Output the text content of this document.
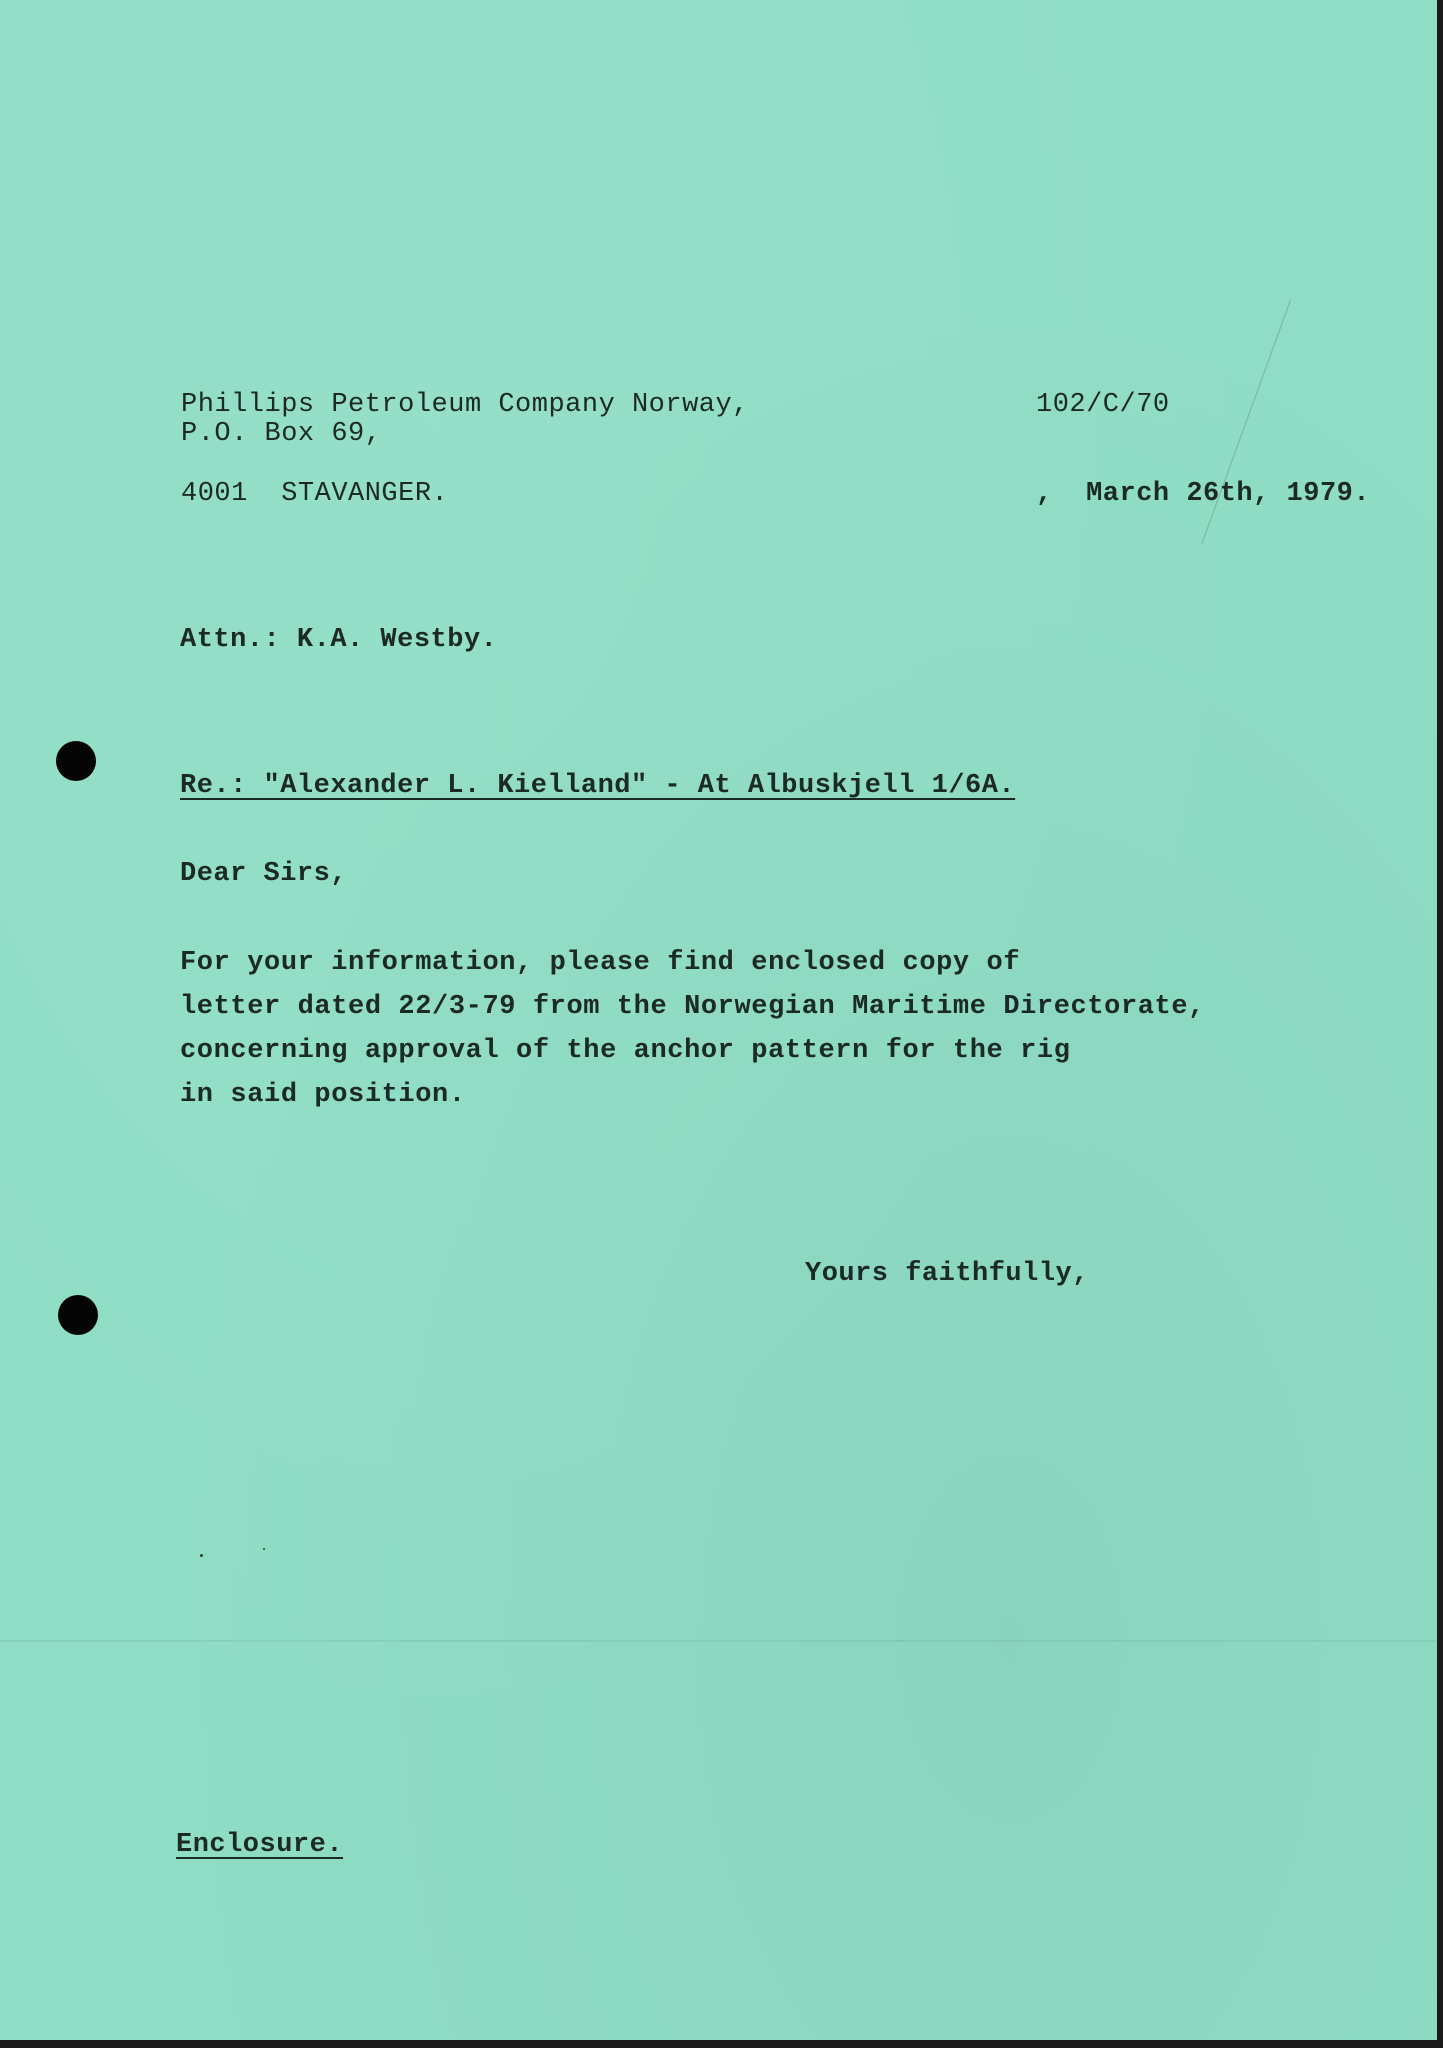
Phillips Petroleum Company Norway,
P.O. Box 69,
4001  STAVANGER.
102/C/70
,  March 26th, 1979.
Attn.: K.A. Westby.
Re.: "Alexander L. Kielland" - At Albuskjell 1/6A.
Dear Sirs,
For your information, please find enclosed copy of
letter dated 22/3-79 from the Norwegian Maritime Directorate,
concerning approval of the anchor pattern for the rig
in said position.
Yours faithfully,
Enclosure.
